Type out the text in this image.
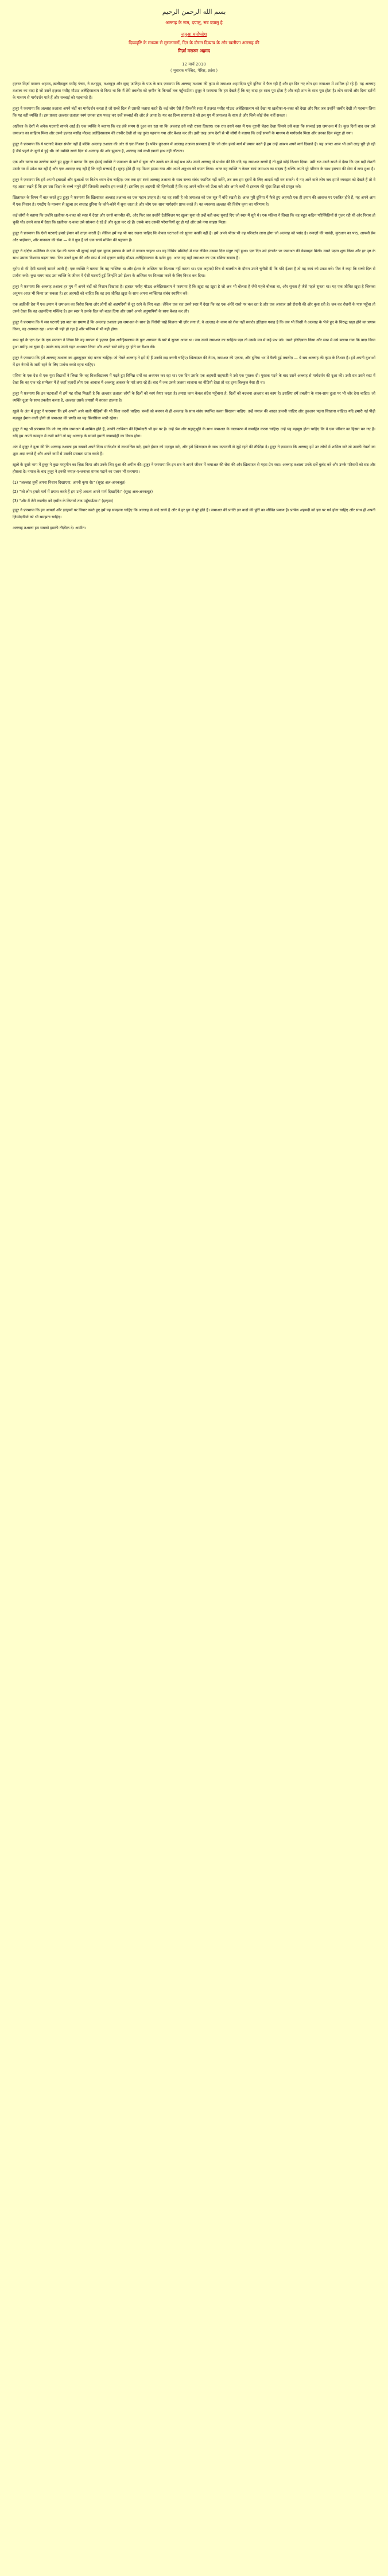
بسم الله الرحمن الرحيم

अल्लाह के नाम, दयालु, सब दयालु है

जुमुआ धर्मोपदेश

दिव्यदृष्टि के माध्यम से मुसलमानों, दिन के दौरान दिव्यत्व के और खलीफा अल्लाह की

मिर्ज़ा मसरूर अहमद

12 मार्च 2010

( मुबारक मस्जिद, पेरिस, फ्रांस )

हज़रत मिर्ज़ा मसरूर अहमद, ख़लीफ़तुल मसीह पंचम, ने तशह्हुद, तअव्वुज़ और सूरह फ़ातिहा के पाठ के बाद फ़रमाया कि अल्लाह तआला की कृपा से जमाअत अहमदिया पूरी दुनिया में फैल रही है और हर दिन नए लोग इस जमाअत में शामिल हो रहे हैं। यह अल्लाह तआला का वादा है जो उसने हज़रत मसीह मौऊद अलैहिस्सलाम से किया था कि मैं तेरी तबलीग़ को ज़मीन के किनारों तक पहुँचाऊँगा। हुज़ूर ने फ़रमाया कि हम देखते हैं कि यह वादा हर साल पूरा होता है और बड़ी शान के साथ पूरा होता है। लोग सपनों और दिव्य दर्शनों के माध्यम से मार्गदर्शन पाते हैं और सच्चाई को पहचानते हैं।

हुज़ूर ने फ़रमाया कि अल्लाह तआला अपने बंदों का मार्गदर्शन करता है जो सच्चे दिल से उसकी तलाश करते हैं। कई लोग ऐसे हैं जिन्होंने स्वप्न में हज़रत मसीह मौऊद अलैहिस्सलाम को देखा या ख़लीफ़ा-ए-वक़्त को देखा और फिर जब उन्होंने तस्वीर देखी तो पहचान लिया कि यह वही व्यक्ति है। इस प्रकार अल्लाह तआला स्वयं उनका हाथ पकड़ कर उन्हें सच्चाई की ओर ले आता है। यह वह दिव्य सहायता है जो इस युग में जमाअत के साथ है और जिसे कोई रोक नहीं सकता।

अफ़्रीका के देशों से अनेक घटनाएँ सामने आई हैं। एक व्यक्ति ने बताया कि वह लंबे समय से दुआ कर रहा था कि अल्लाह उसे सही रास्ता दिखाए। एक रात उसने स्वप्न में एक नूरानी चेहरा देखा जिसने उसे कहा कि सच्चाई इस जमाअत में है। कुछ दिनों बाद जब उसे जमाअत का साहित्य मिला और उसने हज़रत मसीह मौऊद अलैहिस्सलाम की तस्वीर देखी तो वह तुरंत पहचान गया और बैअत कर ली। इसी तरह अन्य देशों से भी लोगों ने बताया कि उन्हें सपनों के माध्यम से मार्गदर्शन मिला और उनका दिल संतुष्ट हो गया।

हुज़ूर ने फ़रमाया कि ये घटनाएँ केवल संयोग नहीं हैं बल्कि अल्लाह तआला की ओर से एक निशान हैं। पवित्र क़ुरआन में अल्लाह तआला फ़रमाता है कि जो लोग हमारे मार्ग में प्रयास करते हैं हम उन्हें अवश्य अपने मार्ग दिखाते हैं। यह आयत आज भी उसी तरह पूरी हो रही है जैसे पहले के युगों में हुई थी। जो व्यक्ति सच्चे दिल से अल्लाह की ओर झुकता है, अल्लाह उसे कभी ख़ाली हाथ नहीं लौटाता।

एक और घटना का उल्लेख करते हुए हुज़ूर ने बताया कि एक ईसाई व्यक्ति ने जमाअत के बारे में सुना और उसके मन में कई प्रश्न उठे। उसने अल्लाह से प्रार्थना की कि यदि यह जमाअत सच्ची है तो मुझे कोई निशान दिखा। उसी रात उसने सपने में देखा कि एक बड़ी रोशनी उसके घर में प्रवेश कर रही है और एक आवाज़ कह रही है कि यही सच्चाई है। सुबह होते ही वह मिशन हाउस गया और अपने अनुभव को बयान किया। आज वह व्यक्ति न केवल स्वयं जमाअत का सदस्य है बल्कि अपने पूरे परिवार के साथ इस्लाम की सेवा में लगा हुआ है।

हुज़ूर ने फ़रमाया कि हमें अपनी इबादतों और दुआओं पर विशेष ध्यान देना चाहिए। जब तक हम स्वयं अल्लाह तआला के साथ सच्चा संबंध स्थापित नहीं करेंगे, तब तक हम दूसरों के लिए आदर्श नहीं बन सकते। ये नए आने वाले लोग जब हमारे व्यवहार को देखते हैं तो वे यह आशा रखते हैं कि हम उस शिक्षा के सच्चे नमूने होंगे जिसकी तबलीग़ हम करते हैं। इसलिए हर अहमदी की ज़िम्मेदारी है कि वह अपने चरित्र को ऊँचा करे और अपने कर्मों से इस्लाम की सुंदर शिक्षा को प्रस्तुत करे।

ख़िलाफ़त के विषय में बात करते हुए हुज़ूर ने फ़रमाया कि ख़िलाफ़त अल्लाह तआला का एक महान उपहार है। यह वह रस्सी है जो जमाअत को एक सूत्र में बाँधे रखती है। आज पूरी दुनिया में फैले हुए अहमदी एक ही इमाम की आवाज़ पर एकत्रित होते हैं, यह अपने आप में एक निशान है। एमटीए के माध्यम से ख़ुत्बा हर सप्ताह दुनिया के कोने-कोने में सुना जाता है और लोग एक साथ मार्गदर्शन प्राप्त करते हैं। यह व्यवस्था अल्लाह की विशेष कृपा का परिणाम है।

कई लोगों ने बताया कि उन्होंने ख़लीफ़ा-ए-वक़्त को स्वप्न में देखा और उनसे बातचीत की, और फिर जब उन्होंने टेलीविज़न पर ख़ुत्बा सुना तो उन्हें वही शब्द सुनाई दिए जो स्वप्न में सुने थे। एक महिला ने लिखा कि वह बहुत कठिन परिस्थितियों से गुज़र रही थी और निराश हो चुकी थी। उसने स्वप्न में देखा कि ख़लीफ़ा-ए-वक़्त उसे सांत्वना दे रहे हैं और दुआ कर रहे हैं। उसके बाद उसकी परेशानियाँ दूर हो गईं और उसे नया साहस मिला।

हुज़ूर ने फ़रमाया कि ऐसी घटनाएँ हमारे ईमान को ताज़ा करती हैं। लेकिन हमें यह भी याद रखना चाहिए कि केवल घटनाओं को सुनना काफ़ी नहीं है। हमें अपने भीतर भी वह परिवर्तन लाना होगा जो अल्लाह को पसंद है। नमाज़ों की पाबंदी, क़ुरआन का पाठ, आपसी प्रेम और भाईचारा, और मानवता की सेवा — ये वे गुण हैं जो एक सच्चे मोमिन की पहचान हैं।

हुज़ूर ने दक्षिण अमेरिका के एक देश की घटना भी सुनाई जहाँ एक युवक इस्लाम के बारे में जानना चाहता था। वह विभिन्न मस्जिदों में गया लेकिन उसका दिल संतुष्ट नहीं हुआ। एक दिन उसे इंटरनेट पर जमाअत की वेबसाइट मिली। उसने पढ़ना शुरू किया और हर पृष्ठ के साथ उसका विश्वास बढ़ता गया। फिर उसने दुआ की और स्वप्न में उसे हज़रत मसीह मौऊद अलैहिस्सलाम के दर्शन हुए। आज वह वहाँ जमाअत का एक सक्रिय सदस्य है।

यूरोप से भी ऐसी घटनाएँ सामने आती हैं। एक व्यक्ति ने बताया कि वह नास्तिक था और ईश्वर के अस्तित्व पर विश्वास नहीं करता था। एक अहमदी मित्र से बातचीत के दौरान उसने चुनौती दी कि यदि ईश्वर है तो वह स्वयं को प्रकट करे। मित्र ने कहा कि सच्चे दिल से प्रार्थना करो। कुछ समय बाद उस व्यक्ति के जीवन में ऐसी घटनाएँ हुईं जिन्होंने उसे ईश्वर के अस्तित्व पर विश्वास करने के लिए विवश कर दिया।

हुज़ूर ने फ़रमाया कि अल्लाह तआला हर युग में अपने बंदों को निशान दिखाता है। हज़रत मसीह मौऊद अलैहिस्सलाम ने फ़रमाया है कि ख़ुदा वह ख़ुदा है जो अब भी बोलता है जैसे पहले बोलता था, और सुनता है जैसे पहले सुनता था। यह एक जीवित ख़ुदा है जिसका अनुभव आज भी किया जा सकता है। हर अहमदी को चाहिए कि वह इस जीवित ख़ुदा के साथ अपना व्यक्तिगत संबंध स्थापित करे।

एक अफ़्रीकी देश में एक इमाम ने जमाअत का विरोध किया और लोगों को अहमदियों से दूर रहने के लिए कहा। लेकिन एक रात उसने स्वप्न में देखा कि वह एक अंधेरे रास्ते पर चल रहा है और एक आवाज़ उसे रोशनी की ओर बुला रही है। जब वह रोशनी के पास पहुँचा तो उसने देखा कि वह अहमदिया मस्जिद है। इस स्वप्न ने उसके दिल को बदल दिया और उसने अपने अनुयायियों के साथ बैअत कर ली।

हुज़ूर ने फ़रमाया कि ये सब घटनाएँ इस बात का प्रमाण हैं कि अल्लाह तआला इस जमाअत के साथ है। विरोधी चाहे कितना भी ज़ोर लगा लें, वे अल्लाह के काम को रोक नहीं सकते। इतिहास गवाह है कि जब भी किसी ने अल्लाह के भेजे हुए के विरुद्ध खड़ा होने का प्रयास किया, वह असफल रहा। आज भी यही हो रहा है और भविष्य में भी यही होगा।

मध्य पूर्व के एक देश के एक सज्जन ने लिखा कि वह बचपन से हज़रत ईसा अलैहिस्सलाम के पुनः आगमन के बारे में सुनता आया था। जब उसने जमाअत का साहित्य पढ़ा तो उसके मन में कई प्रश्न उठे। उसने इस्तिख़ारा किया और स्वप्न में उसे बताया गया कि वादा किया हुआ मसीह आ चुका है। उसके बाद उसने गहन अध्ययन किया और अपने सारे संदेह दूर होने पर बैअत की।

हुज़ूर ने फ़रमाया कि हमें अल्लाह तआला का शुक्रगुज़ार बंदा बनना चाहिए। जो नेमतें अल्लाह ने हमें दी हैं उनकी क़द्र करनी चाहिए। ख़िलाफ़त की नेमत, जमाअत की एकता, और दुनिया भर में फैली हुई तबलीग़ — ये सब अल्लाह की कृपा के निशान हैं। हमें अपनी दुआओं में इन नेमतों के जारी रहने के लिए प्रार्थना करते रहना चाहिए।

एशिया के एक देश से एक युवा विद्यार्थी ने लिखा कि वह विश्वविद्यालय में पढ़ते हुए विभिन्न धर्मों का अध्ययन कर रहा था। एक दिन उसके एक अहमदी सहपाठी ने उसे एक पुस्तक दी। पुस्तक पढ़ने के बाद उसने अल्लाह से मार्गदर्शन की दुआ की। उसी रात उसने स्वप्न में देखा कि वह एक बड़े सम्मेलन में है जहाँ हज़ारों लोग एक आवाज़ में अल्लाहु अकबर के नारे लगा रहे हैं। बाद में जब उसने जलसा सालाना का वीडियो देखा तो वह दृश्य बिल्कुल वैसा ही था।

हुज़ूर ने फ़रमाया कि इन घटनाओं से हमें यह सीख मिलती है कि अल्लाह तआला लोगों के दिलों को स्वयं तैयार करता है। हमारा काम केवल संदेश पहुँचाना है, दिलों को बदलना अल्लाह का काम है। इसलिए हमें तबलीग़ के साथ-साथ दुआ पर भी ज़ोर देना चाहिए। जो व्यक्ति दुआ के साथ तबलीग़ करता है, अल्लाह उसके प्रयासों में बरकत डालता है।

ख़ुत्बे के अंत में हुज़ूर ने फ़रमाया कि हमें अपनी आने वाली पीढ़ियों की भी चिंता करनी चाहिए। बच्चों को बचपन से ही अल्लाह के साथ संबंध स्थापित करना सिखाना चाहिए। उन्हें नमाज़ की आदत डालनी चाहिए और क़ुरआन पढ़ना सिखाना चाहिए। यदि हमारी नई पीढ़ी मज़बूत ईमान वाली होगी तो जमाअत की प्रगति का यह सिलसिला जारी रहेगा।

हुज़ूर ने यह भी फ़रमाया कि जो नए लोग जमाअत में शामिल होते हैं, उनकी तरबियत की ज़िम्मेदारी भी हम पर है। उन्हें प्रेम और सहानुभूति के साथ जमाअत के वातावरण में समाहित करना चाहिए। उन्हें यह महसूस होना चाहिए कि वे एक परिवार का हिस्सा बन गए हैं। यदि हम अपने व्यवहार में कमी करेंगे तो यह अल्लाह के सामने हमारी जवाबदेही का विषय होगा।

अंत में हुज़ूर ने दुआ की कि अल्लाह तआला हम सबको अपने दिव्य मार्गदर्शन से लाभान्वित करे, हमारे ईमान को मज़बूत करे, और हमें ख़िलाफ़त के साथ वफ़ादारी से जुड़े रहने की तौफ़ीक़ दे। हुज़ूर ने फ़रमाया कि अल्लाह हमें उन लोगों में शामिल करे जो उसकी नेमतों का शुक्र अदा करते हैं और अपने कर्मों से उसकी प्रसन्नता प्राप्त करते हैं।

ख़ुत्बे के दूसरे भाग में हुज़ूर ने कुछ मरहूमीन का ज़िक्र किया और उनके लिए दुआ की अपील की। हुज़ूर ने फ़रमाया कि इन सब ने अपने जीवन में जमाअत की सेवा की और ख़िलाफ़त से गहरा प्रेम रखा। अल्लाह तआला उनके दर्जे बुलंद करे और उनके परिवारों को सब्र और हौसला दे। नमाज़ के बाद हुज़ूर ने इनकी नमाज़-ए-जनाज़ा ग़ायब पढ़ाने का एलान भी फ़रमाया।

(1) "अल्लाह तुम्हें अपना निशान दिखाएगा, अपनी कृपा से।" (सूरह अल-अनकबूत)

(2) "जो लोग हमारे मार्ग में प्रयास करते हैं हम उन्हें अवश्य अपने मार्ग दिखाएँगे।" (सूरह अल-अनकबूत)

(3) "और मैं तेरी तबलीग़ को ज़मीन के किनारों तक पहुँचाऊँगा।" (इल्हाम)

हुज़ूर ने फ़रमाया कि इन आयतों और इल्हामों पर विचार करते हुए हमें यह समझना चाहिए कि अल्लाह के वादे सच्चे हैं और वे हर युग में पूरे होते हैं। जमाअत की प्रगति इन वादों की पूर्ति का जीवित प्रमाण है। प्रत्येक अहमदी को इस पर गर्व होना चाहिए और साथ ही अपनी ज़िम्मेदारियों को भी समझना चाहिए।

अल्लाह तआला हम सबको इसकी तौफ़ीक़ दे। आमीन।
